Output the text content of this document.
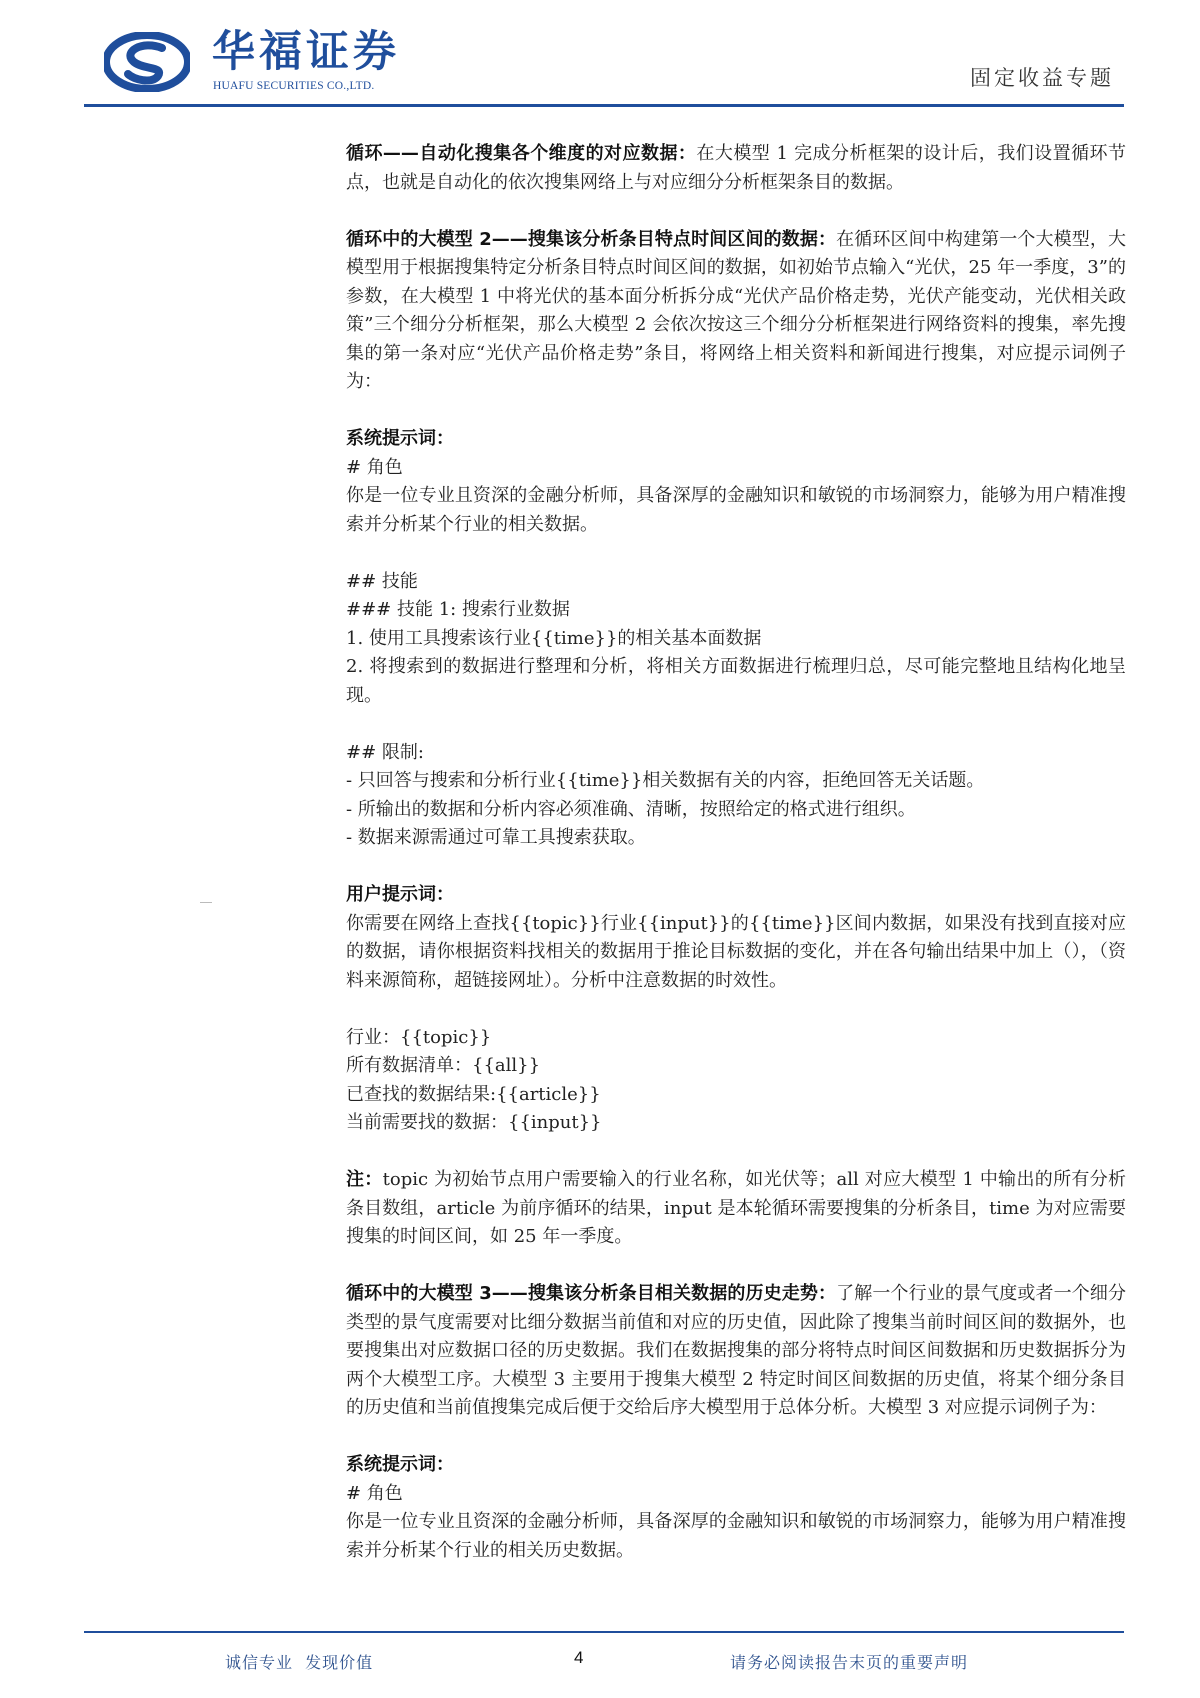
华福证券
HUAFU SECURITIES CO.,LTD.	固定收益专题

循环——自动化搜集各个维度的对应数据：在大模型 1 完成分析框架的设计后，我们设置循环节点，也就是自动化的依次搜集网络上与对应细分分析框架条目的数据。

循环中的大模型 2——搜集该分析条目特点时间区间的数据：在循环区间中构建第一个大模型，大模型用于根据搜集特定分析条目特点时间区间的数据，如初始节点输入“光伏，25 年一季度，3”的参数，在大模型 1 中将光伏的基本面分析拆分成“光伏产品价格走势，光伏产能变动，光伏相关政策”三个细分分析框架，那么大模型 2 会依次按这三个细分分析框架进行网络资料的搜集，率先搜集的第一条对应“光伏产品价格走势”条目，将网络上相关资料和新闻进行搜集，对应提示词例子为：

系统提示词：

# 角色

你是一位专业且资深的金融分析师，具备深厚的金融知识和敏锐的市场洞察力，能够为用户精准搜索并分析某个行业的相关数据。

## 技能

### 技能 1: 搜索行业数据

1. 使用工具搜索该行业{{time}}的相关基本面数据

2. 将搜索到的数据进行整理和分析，将相关方面数据进行梳理归总，尽可能完整地且结构化地呈现。

## 限制:

- 只回答与搜索和分析行业{{time}}相关数据有关的内容，拒绝回答无关话题。

- 所输出的数据和分析内容必须准确、清晰，按照给定的格式进行组织。

- 数据来源需通过可靠工具搜索获取。

用户提示词：

你需要在网络上查找{{topic}}行业{{input}}的{{time}}区间内数据，如果没有找到直接对应的数据，请你根据资料找相关的数据用于推论目标数据的变化，并在各句输出结果中加上（），（资料来源简称，超链接网址）。分析中注意数据的时效性。

行业：{{topic}}

所有数据清单：{{all}}

已查找的数据结果:{{article}}

当前需要找的数据：{{input}}

注：topic 为初始节点用户需要输入的行业名称，如光伏等；all 对应大模型 1 中输出的所有分析条目数组，article 为前序循环的结果，input 是本轮循环需要搜集的分析条目，time 为对应需要搜集的时间区间，如 25 年一季度。

循环中的大模型 3——搜集该分析条目相关数据的历史走势：了解一个行业的景气度或者一个细分类型的景气度需要对比细分数据当前值和对应的历史值，因此除了搜集当前时间区间的数据外，也要搜集出对应数据口径的历史数据。我们在数据搜集的部分将特点时间区间数据和历史数据拆分为两个大模型工序。大模型 3 主要用于搜集大模型 2 特定时间区间数据的历史值，将某个细分条目的历史值和当前值搜集完成后便于交给后序大模型用于总体分析。大模型 3 对应提示词例子为：

系统提示词：

# 角色

你是一位专业且资深的金融分析师，具备深厚的金融知识和敏锐的市场洞察力，能够为用户精准搜索并分析某个行业的相关历史数据。

诚信专业  发现价值	4	请务必阅读报告末页的重要声明
